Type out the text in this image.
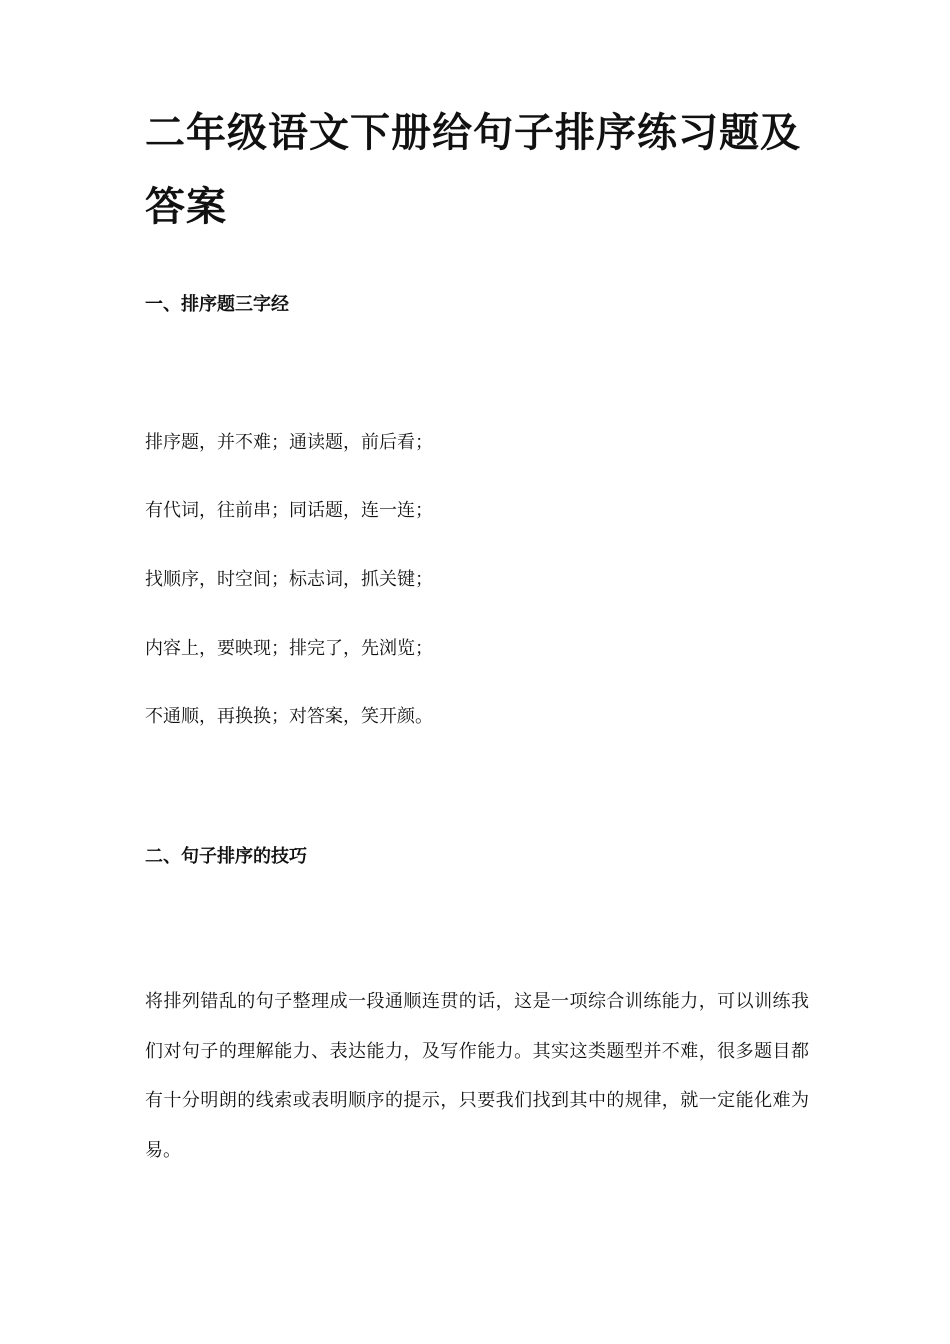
二年级语文下册给句子排序练习题及答案
一、排序题三字经

排序题，并不难；通读题，前后看；

有代词，往前串；同话题，连一连；

找顺序，时空间；标志词，抓关键；

内容上，要映现；排完了，先浏览；

不通顺，再换换；对答案，笑开颜。

二、句子排序的技巧

将排列错乱的句子整理成一段通顺连贯的话，这是一项综合训练能力，可以训练我们对句子的理解能力、表达能力，及写作能力。其实这类题型并不难，很多题目都有十分明朗的线索或表明顺序的提示，只要我们找到其中的规律，就一定能化难为易。
